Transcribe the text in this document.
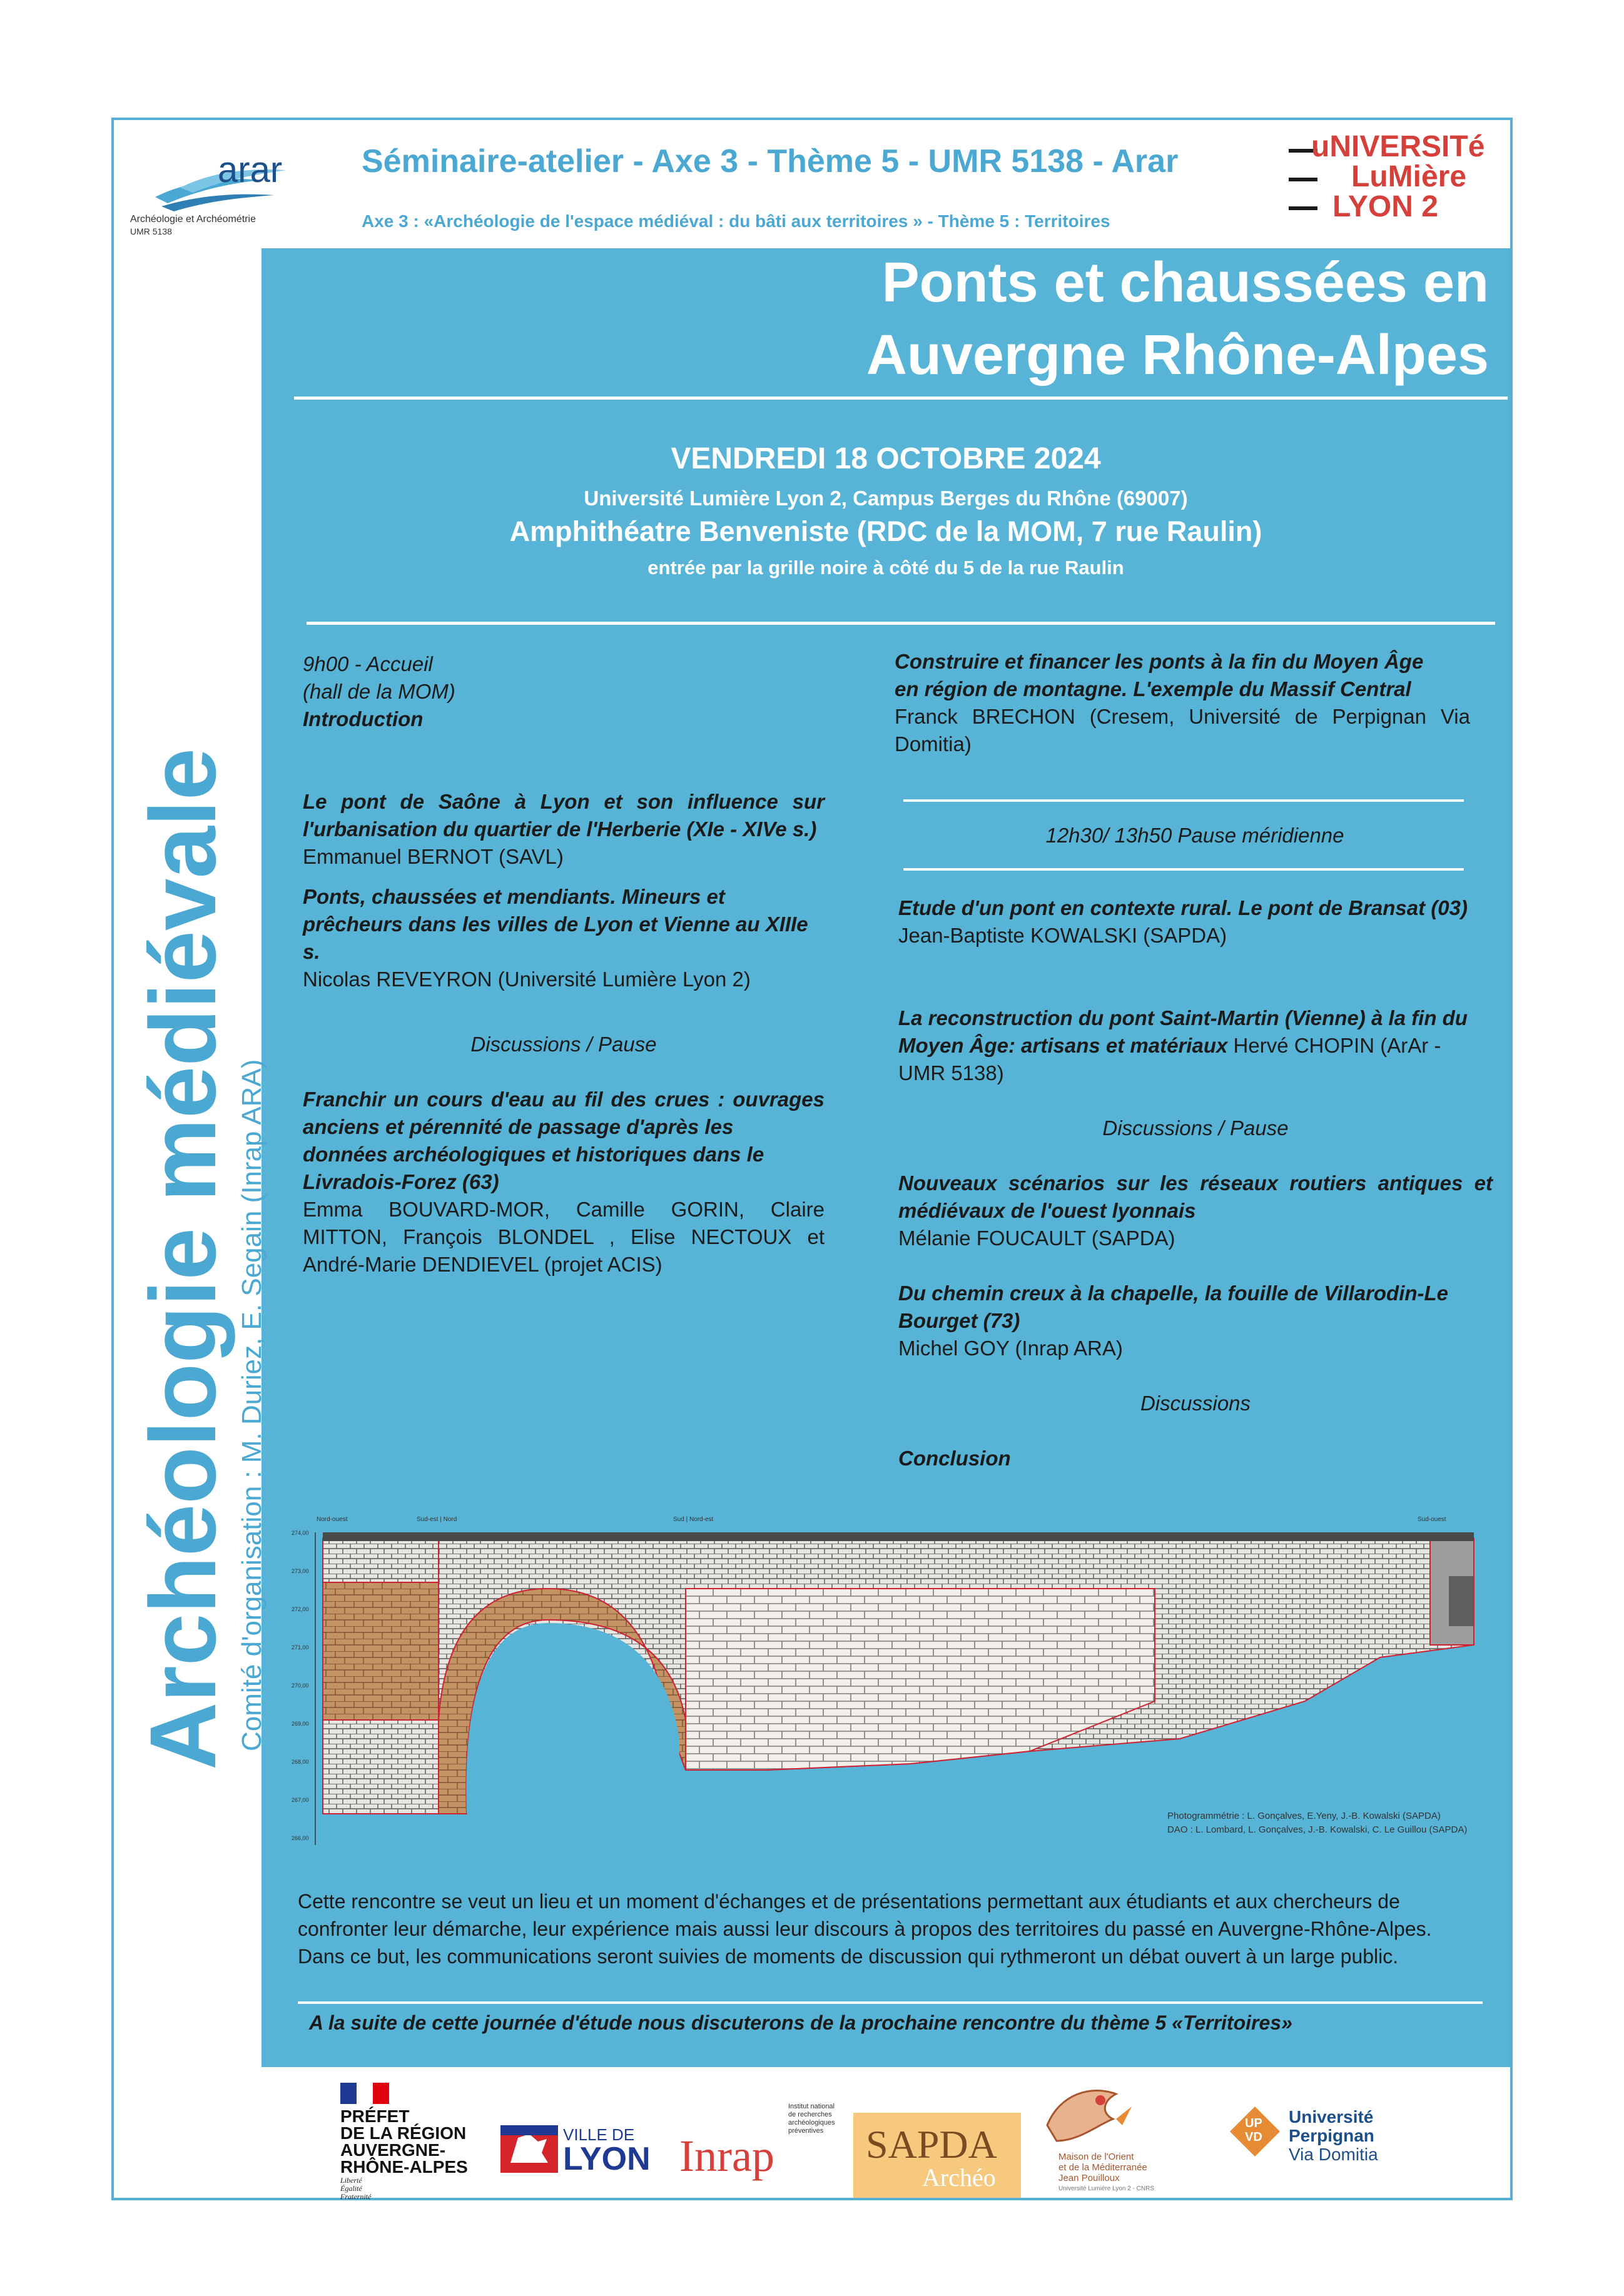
arar
Archéologie et Archéométrie
UMR 5138
Séminaire-atelier - Axe 3 - Thème 5 - UMR 5138 - Arar
Axe 3 : «Archéologie de l'espace médiéval : du bâti aux territoires » - Thème 5 : Territoires
uNIVERSITé
LuMière
LYON 2
Ponts et chaussées en
Auvergne Rhône-Alpes
VENDREDI 18 OCTOBRE 2024
Université Lumière Lyon 2, Campus Berges du Rhône (69007)
Amphithéatre Benveniste (RDC de la MOM, 7 rue Raulin)
entrée par la grille noire à côté du 5 de la rue Raulin
Archéologie médiévale Comité d'organisation : M. Duriez, E. Segain (Inrap ARA)

9h00 - Accueil

(hall de la MOM)

Introduction

Le pont de Saône à Lyon et son influence sur l'urbanisation du quartier de l'Herberie (XIe - XIVe s.)

Emmanuel BERNOT (SAVL)

Ponts, chaussées et mendiants. Mineurs et prêcheurs dans les villes de Lyon et Vienne au XIIIe s.

Nicolas REVEYRON (Université Lumière Lyon 2)

Discussions / Pause

Franchir un cours d'eau au fil des crues : ouvrages anciens et pérennité de passage d'après les

données archéologiques et historiques dans le Livradois-Forez (63)

Emma BOUVARD-MOR, Camille GORIN, Claire MITTON, François BLONDEL , Elise NECTOUX et André-Marie DENDIEVEL (projet ACIS)

Construire et financer les ponts à la fin du Moyen Âge en région de montagne. L'exemple du Massif Central

Franck BRECHON (Cresem, Université de Perpignan Via Domitia)

12h30/ 13h50 Pause méridienne

Etude d'un pont en contexte rural. Le pont de Bransat (03)

Jean-Baptiste KOWALSKI (SAPDA)

La reconstruction du pont Saint-Martin (Vienne) à la fin du Moyen Âge: artisans et matériaux Hervé CHOPIN (ArAr - UMR 5138)

Discussions / Pause

Nouveaux scénarios sur les réseaux routiers antiques et médiévaux de l'ouest lyonnais

Mélanie FOUCAULT (SAPDA)

Du chemin creux à la chapelle, la fouille de Villarodin-Le Bourget (73)

Michel GOY (Inrap ARA)

Discussions

Conclusion

Nord-ouest	Sud-est | Nord	Sud | Nord-est	Sud-ouest
274,00
273,00
272,00
271,00
270,00
269,00
268,00
267,00
266,00
Photogrammétrie : L. Gonçalves, E.Yeny, J.-B. Kowalski (SAPDA)
DAO : L. Lombard, L. Gonçalves, J.-B. Kowalski, C. Le Guillou (SAPDA)
Cette rencontre se veut un lieu et un moment d'échanges et de présentations permettant aux étudiants et aux chercheurs de confronter leur démarche, leur expérience mais aussi leur discours à propos des territoires du passé en Auvergne-Rhône-Alpes. Dans ce but, les communications seront suivies de moments de discussion qui rythmeront un débat ouvert à un large public.
A la suite de cette journée d'étude nous discuterons de la prochaine rencontre du thème 5 «Territoires»
PRÉFET
DE LA RÉGION
AUVERGNE-
RHÔNE-ALPES
Liberté
Égalité
Fraternité
VILLE DE
LYON Inrap
Institut national
de recherches
archéologiques
préventives SAPDA
Archéo
Maison de l'Orient
et de la Méditerranée
Jean Pouilloux
Université Lumière Lyon 2 - CNRS
UP
VD
Université
Perpignan
Via Domitia
